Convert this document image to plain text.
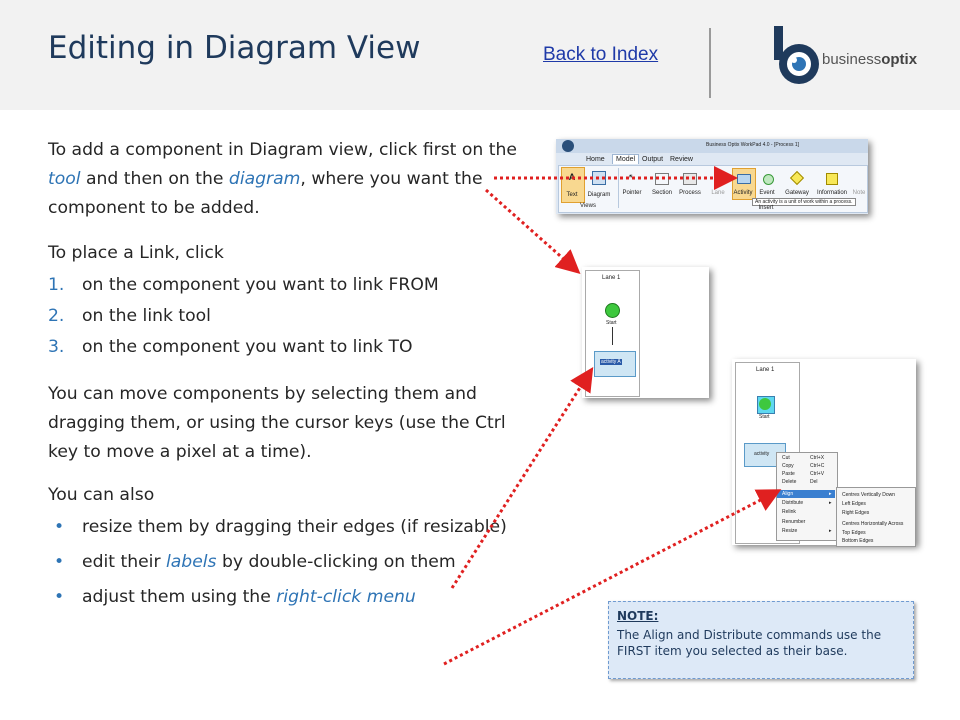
Editing in Diagram View	Back to Index	businessoptix

To add a component in Diagram view, click first on the tool and then on the diagram, where you want the component to be added.

To place a Link, click

1. on the component you want to link FROM
2. on the link tool
3. on the component you want to link TO

You can move components by selecting them and dragging them, or using the cursor keys (use the Ctrl key to move a pixel at a time).

You can also

• resize them by dragging their edges (if resizable)
• edit their labels by double-clicking on them
• adjust them using the right-click menu
Business Optix WorkPad 4.0 - [Process 1]
Home	Model Output Review
A
Text	Diagram
Views
↖
Pointer	Section	Process	Lane	Activity	Event	Gateway	Information Note
An activity is a unit of work within a process.
Insert
Lane 1
Start
activity A
Lane 1
Start
activity
Cut	Ctrl+X
Copy	Ctrl+C
Paste	Ctrl+V
Delete	Del
Align	▸
Distribute	▸
Relink
Renumber
Resize	▸
Centres Vertically Down
Left Edges
Right Edges
Centres Horizontally Across
Top Edges
Bottom Edges
NOTE:
The Align and Distribute commands use the FIRST item you selected as their base.
